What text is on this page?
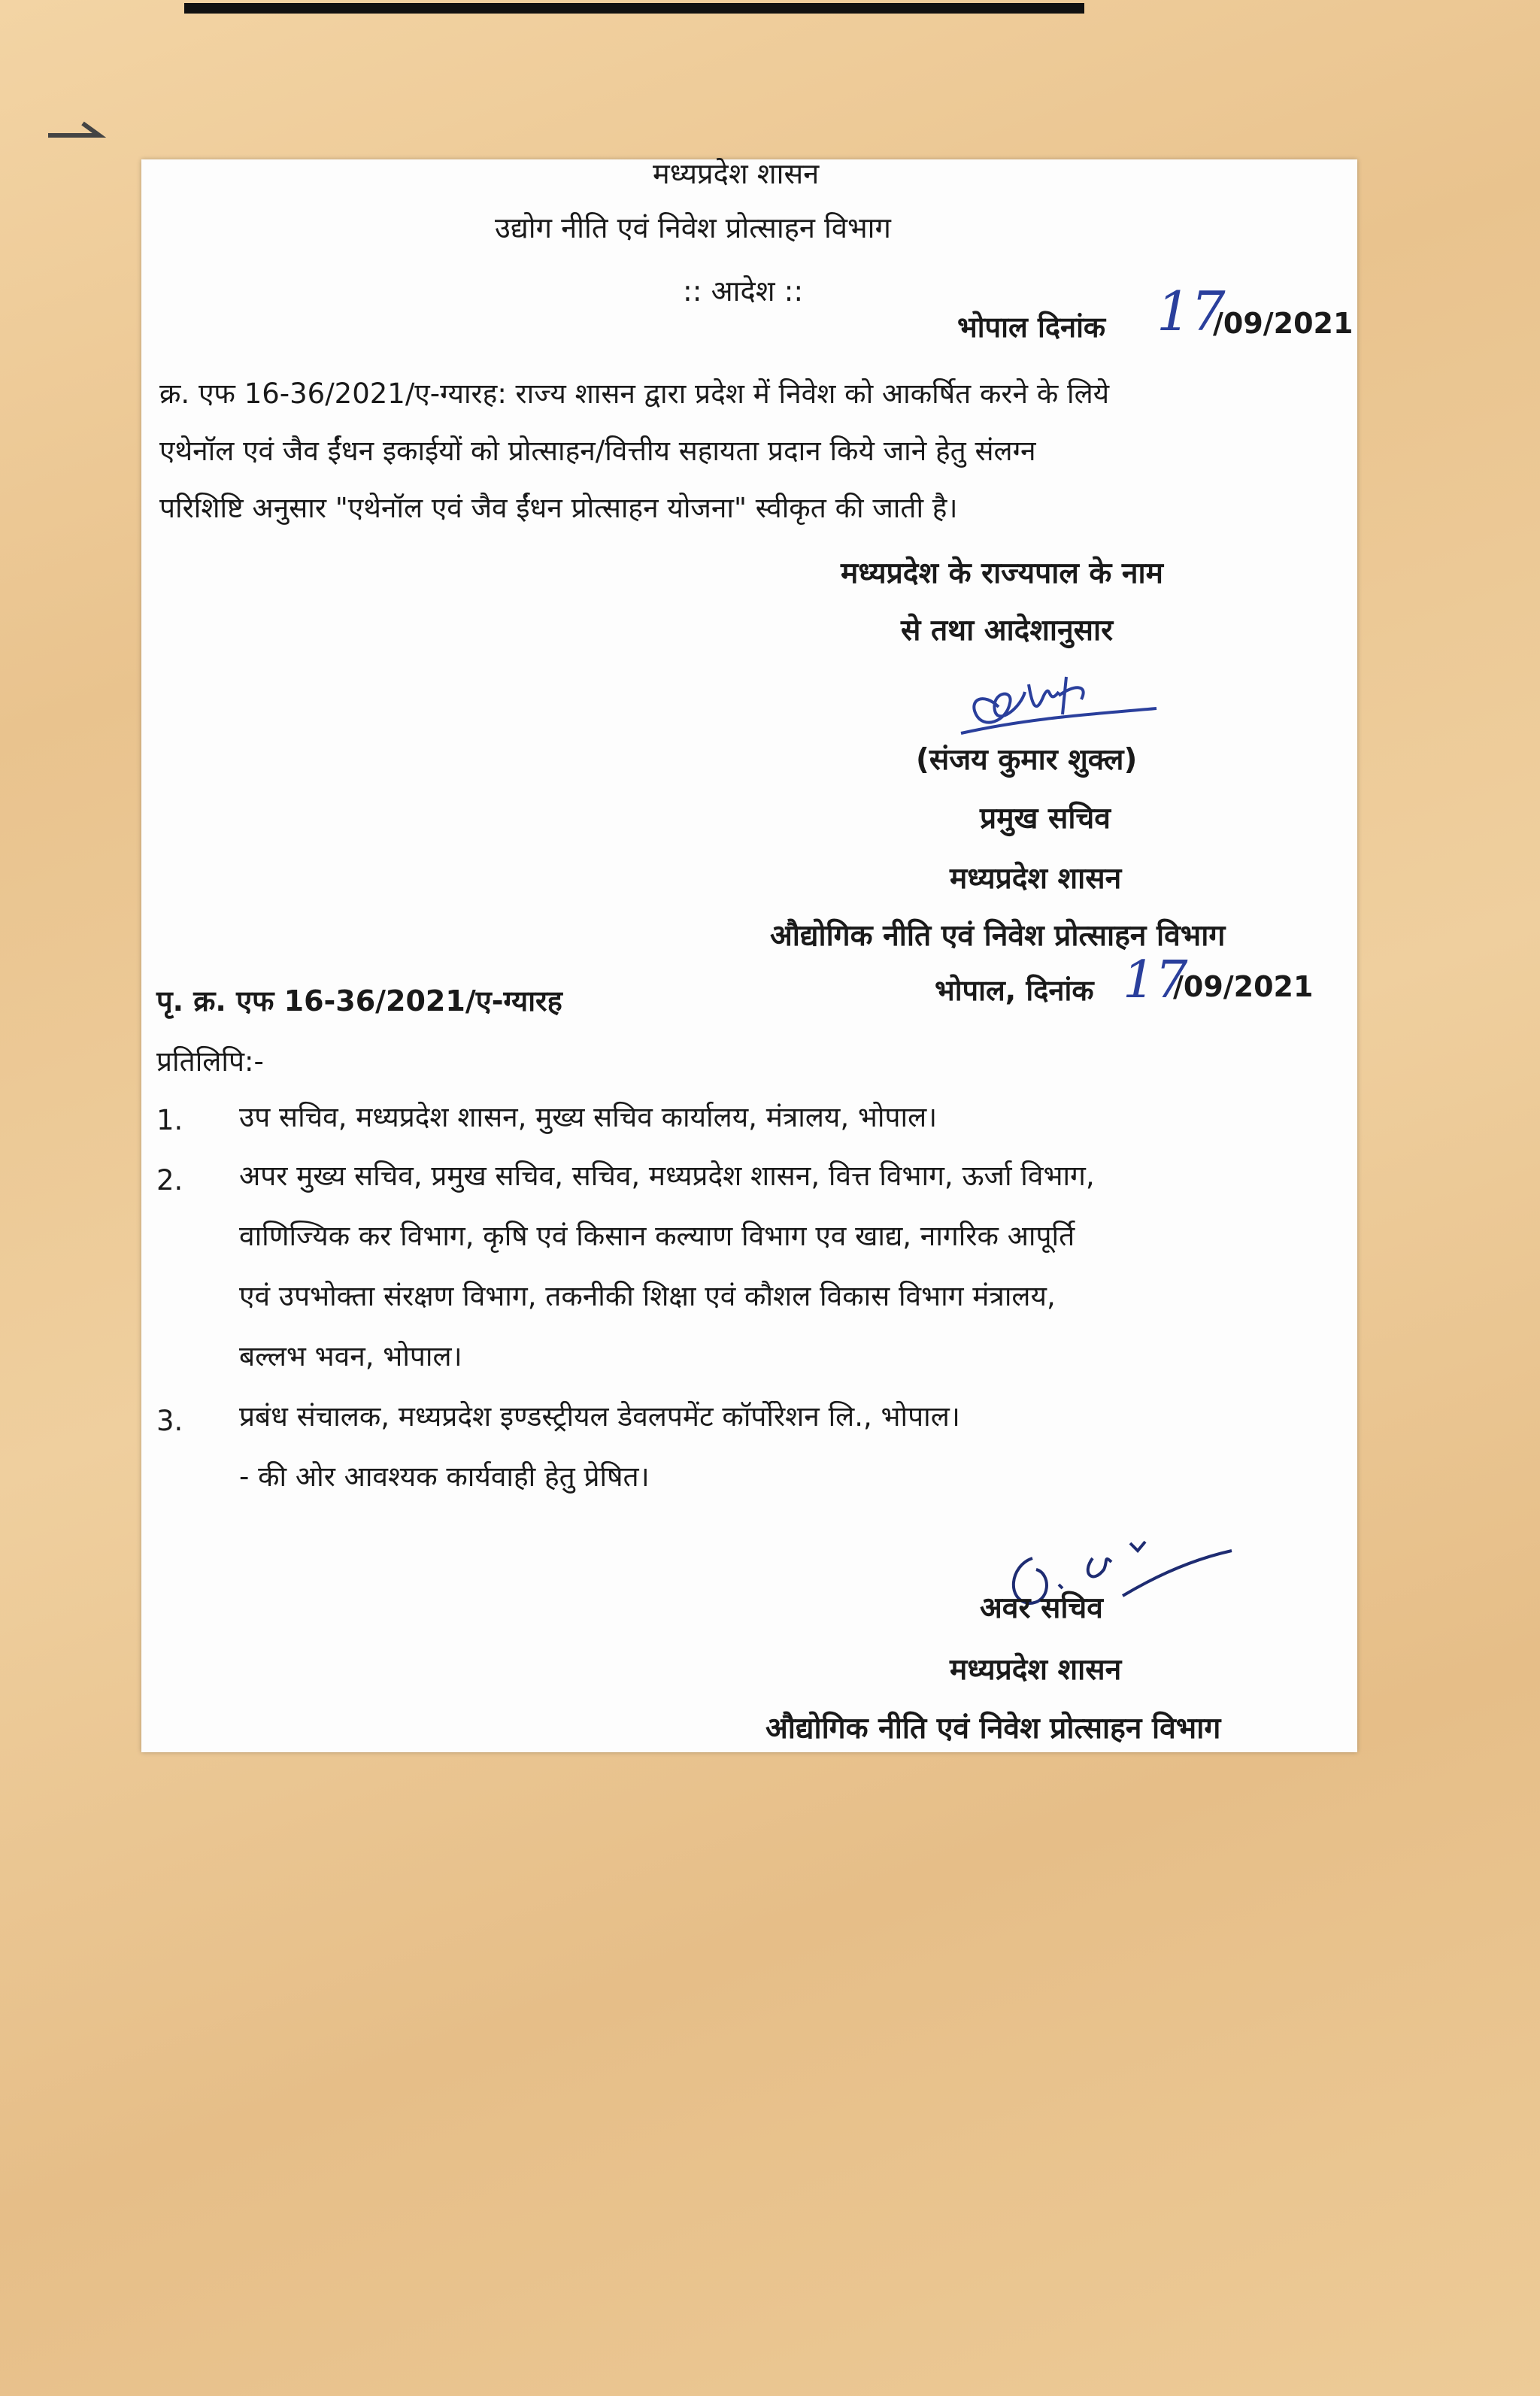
मध्यप्रदेश शासन
उद्योग नीति एवं निवेश प्रोत्साहन विभाग
:: आदेश ::
भोपाल दिनांक 17
/09/2021
क्र. एफ 16-36/2021/ए-ग्यारह: राज्य शासन द्वारा प्रदेश में निवेश को आकर्षित करने के लिये
एथेनॉल एवं जैव ईंधन इकाईयों को प्रोत्साहन/वित्तीय सहायता प्रदान किये जाने हेतु संलग्न
परिशिष्टि अनुसार "एथेनॉल एवं जैव ईंधन प्रोत्साहन योजना" स्वीकृत की जाती है।
मध्यप्रदेश के राज्यपाल के नाम
से तथा आदेशानुसार
(संजय कुमार शुक्ल)
प्रमुख सचिव
मध्यप्रदेश शासन
औद्योगिक नीति एवं निवेश प्रोत्साहन विभाग
पृ. क्र. एफ 16-36/2021/ए-ग्यारह	भोपाल, दिनांक 17
/09/2021
प्रतिलिपि:-
1. उप सचिव, मध्यप्रदेश शासन, मुख्य सचिव कार्यालय, मंत्रालय, भोपाल।
2. अपर मुख्य सचिव, प्रमुख सचिव, सचिव, मध्यप्रदेश शासन, वित्त विभाग, ऊर्जा विभाग,
वाणिज्यिक कर विभाग, कृषि एवं किसान कल्याण विभाग एव खाद्य, नागरिक आपूर्ति
एवं उपभोक्ता संरक्षण विभाग, तकनीकी शिक्षा एवं कौशल विकास विभाग मंत्रालय,
बल्लभ भवन, भोपाल।
3. प्रबंध संचालक, मध्यप्रदेश इण्डस्ट्रीयल डेवलपमेंट कॉर्पोरेशन लि., भोपाल।
- की ओर आवश्यक कार्यवाही हेतु प्रेषित।
अवर सचिव
मध्यप्रदेश शासन
औद्योगिक नीति एवं निवेश प्रोत्साहन विभाग
